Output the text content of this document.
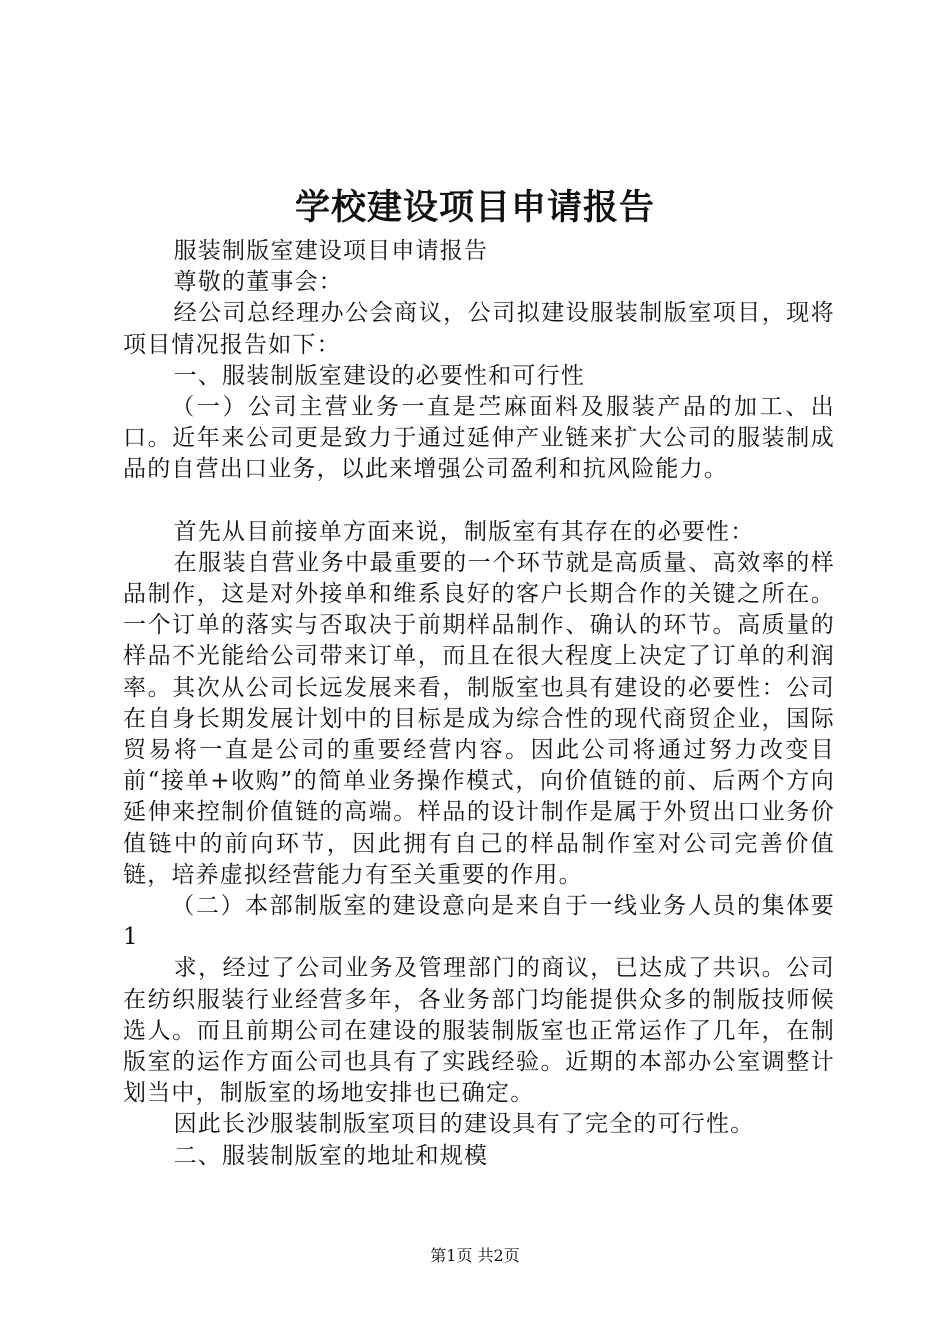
学校建设项目申请报告

服装制版室建设项目申请报告

尊敬的董事会：

经公司总经理办公会商议，公司拟建设服装制版室项目，现将项目情况报告如下：

一、服装制版室建设的必要性和可行性

（一）公司主营业务一直是苎麻面料及服装产品的加工、出口。近年来公司更是致力于通过延伸产业链来扩大公司的服装制成品的自营出口业务，以此来增强公司盈利和抗风险能力。

首先从目前接单方面来说，制版室有其存在的必要性：

在服装自营业务中最重要的一个环节就是高质量、高效率的样品制作，这是对外接单和维系良好的客户长期合作的关键之所在。一个订单的落实与否取决于前期样品制作、确认的环节。高质量的样品不光能给公司带来订单，而且在很大程度上决定了订单的利润率。其次从公司长远发展来看，制版室也具有建设的必要性：公司在自身长期发展计划中的目标是成为综合性的现代商贸企业，国际贸易将一直是公司的重要经营内容。因此公司将通过努力改变目前“接单+收购”的简单业务操作模式，向价值链的前、后两个方向延伸来控制价值链的高端。样品的设计制作是属于外贸出口业务价值链中的前向环节，因此拥有自己的样品制作室对公司完善价值链，培养虚拟经营能力有至关重要的作用。

（二）本部制版室的建设意向是来自于一线业务人员的集体要1

求，经过了公司业务及管理部门的商议，已达成了共识。公司在纺织服装行业经营多年，各业务部门均能提供众多的制版技师候选人。而且前期公司在建设的服装制版室也正常运作了几年，在制版室的运作方面公司也具有了实践经验。近期的本部办公室调整计划当中，制版室的场地安排也已确定。

因此长沙服装制版室项目的建设具有了完全的可行性。

二、服装制版室的地址和规模

第1页 共2页
